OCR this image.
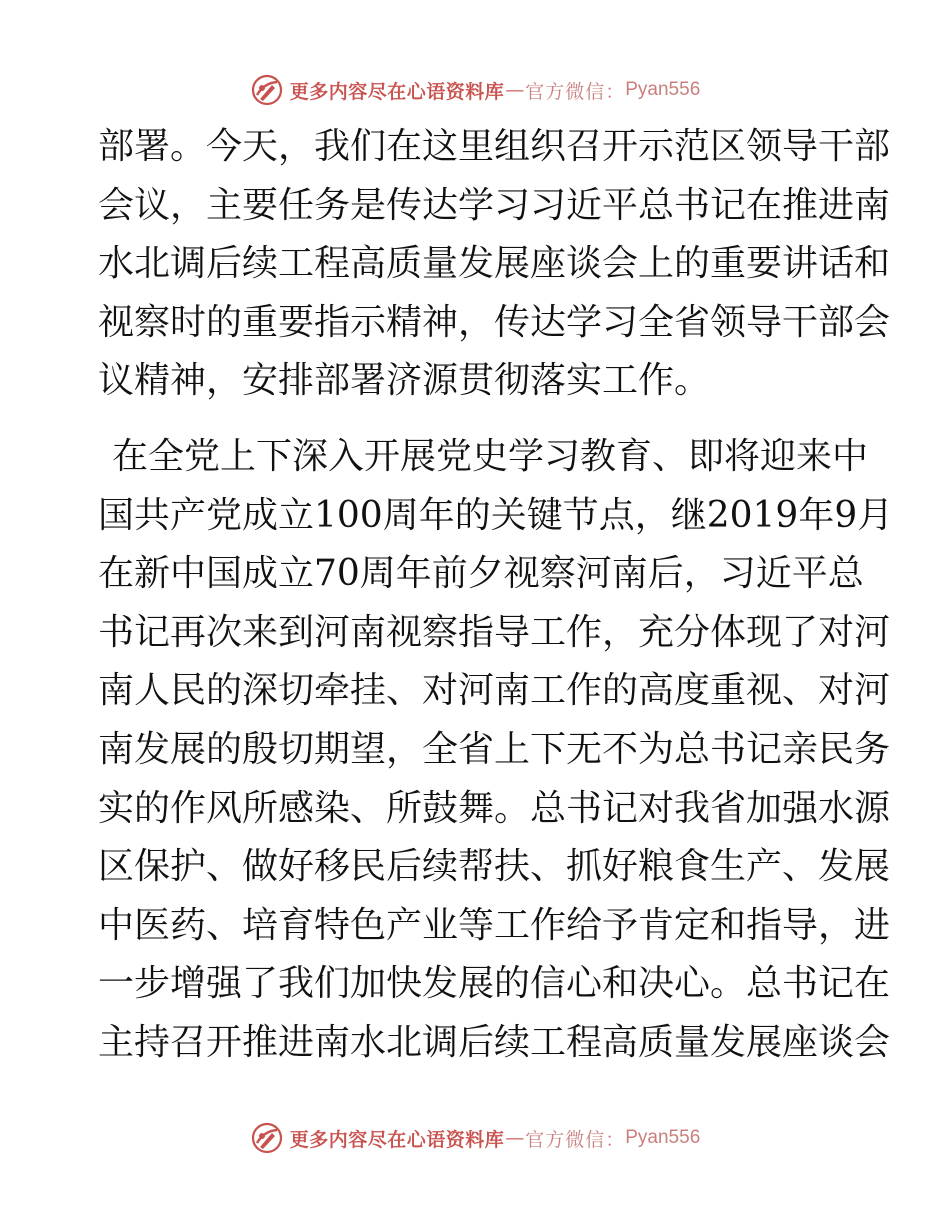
更多内容尽在心语资料库 — 官方微信： Pyan556
部署。今天，我们在这里组织召开示范区领导干部
会议，主要任务是传达学习习近平总书记在推进南
水北调后续工程高质量发展座谈会上的重要讲话和
视察时的重要指示精神，传达学习全省领导干部会
议精神，安排部署济源贯彻落实工作。
在全党上下深入开展党史学习教育、即将迎来中
国共产党成立100周年的关键节点，继2019年9月
在新中国成立70周年前夕视察河南后，习近平总
书记再次来到河南视察指导工作，充分体现了对河
南人民的深切牵挂、对河南工作的高度重视、对河
南发展的殷切期望，全省上下无不为总书记亲民务
实的作风所感染、所鼓舞。总书记对我省加强水源
区保护、做好移民后续帮扶、抓好粮食生产、发展
中医药、培育特色产业等工作给予肯定和指导，进
一步增强了我们加快发展的信心和决心。总书记在
主持召开推进南水北调后续工程高质量发展座谈会
更多内容尽在心语资料库 — 官方微信： Pyan556
